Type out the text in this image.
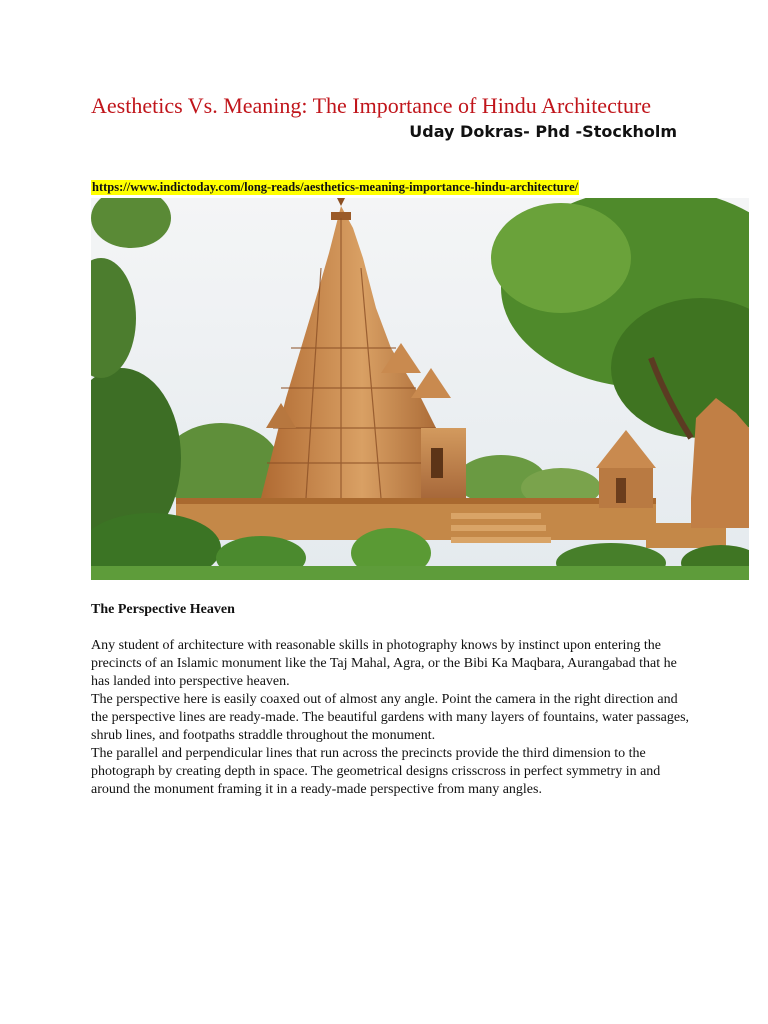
Aesthetics Vs. Meaning: The Importance of Hindu Architecture
Uday Dokras- Phd -Stockholm
https://www.indictoday.com/long-reads/aesthetics-meaning-importance-hindu-architecture/
The Perspective Heaven

Any student of architecture with reasonable skills in photography knows by instinct upon entering the precincts of an Islamic monument like the Taj Mahal, Agra, or the Bibi Ka Maqbara, Aurangabad that he has landed into perspective heaven.

The perspective here is easily coaxed out of almost any angle. Point the camera in the right direction and the perspective lines are ready-made. The beautiful gardens with many layers of fountains, water passages, shrub lines, and footpaths straddle throughout the monument.

The parallel and perpendicular lines that run across the precincts provide the third dimension to the photograph by creating depth in space. The geometrical designs crisscross in perfect symmetry in and around the monument framing it in a ready-made perspective from many angles.
